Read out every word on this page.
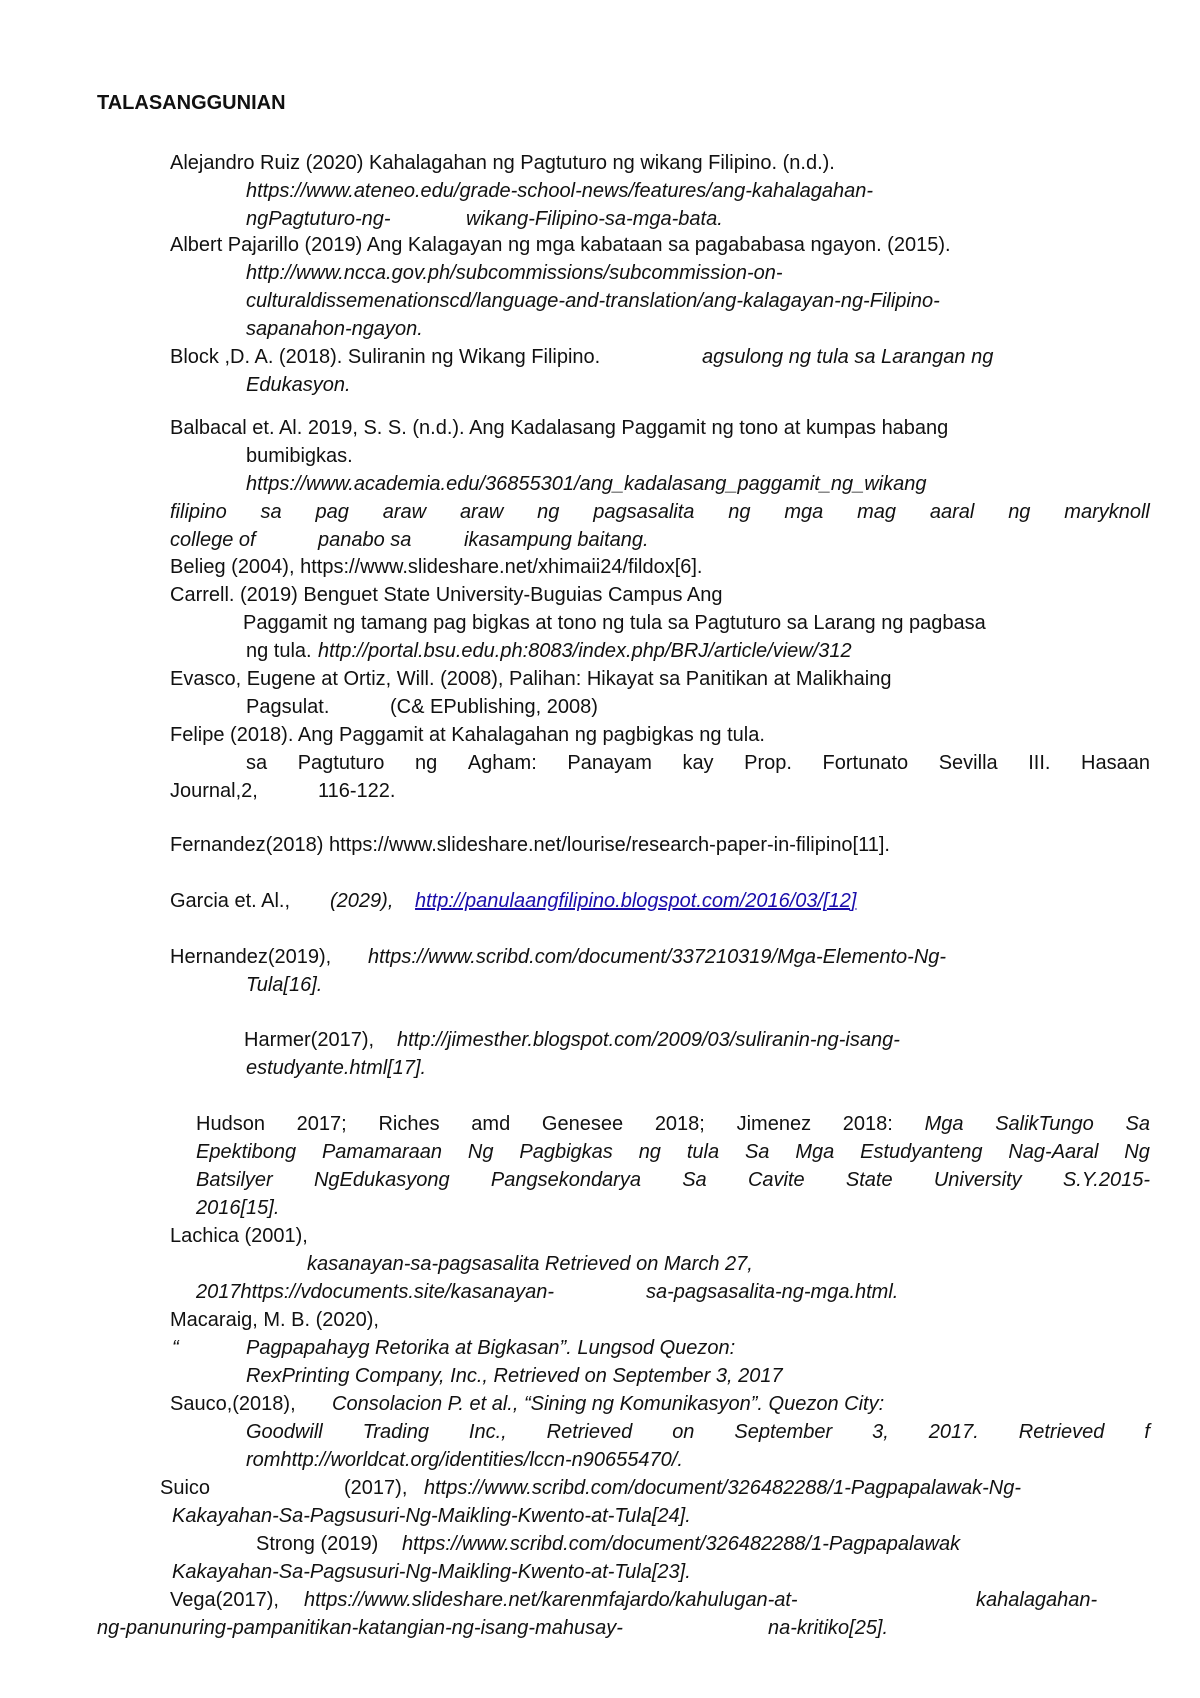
TALASANGGUNIAN
Alejandro Ruiz (2020) Kahalagahan ng Pagtuturo ng wikang Filipino. (n.d.).
https://www.ateneo.edu/grade-school-news/features/ang-kahalagahan-
ngPagtuturo-ng-	wikang-Filipino-sa-mga-bata.
Albert Pajarillo (2019) Ang Kalagayan ng mga kabataan sa pagababasa ngayon. (2015).
http://www.ncca.gov.ph/subcommissions/subcommission-on-
culturaldissemenationscd/language-and-translation/ang-kalagayan-ng-Filipino-
sapanahon-ngayon.
Block ,D. A. (2018). Suliranin ng Wikang Filipino.	agsulong ng tula sa Larangan ng
Edukasyon.
Balbacal et. Al. 2019, S. S. (n.d.). Ang Kadalasang Paggamit ng tono at kumpas habang
bumibigkas.
https://www.academia.edu/36855301/ang_kadalasang_paggamit_ng_wikang
filipino sa pag araw araw ng pagsasalita ng mga mag aaral ng maryknoll
college of	panabo sa	ikasampung baitang.
Belieg (2004), https://www.slideshare.net/xhimaii24/fildox[6].
Carrell. (2019) Benguet State University-Buguias Campus Ang
Paggamit ng tamang pag bigkas at tono ng tula sa Pagtuturo sa Larang ng pagbasa
ng tula. http://portal.bsu.edu.ph:8083/index.php/BRJ/article/view/312
Evasco, Eugene at Ortiz, Will. (2008), Palihan: Hikayat sa Panitikan at Malikhaing
Pagsulat.	(C& EPublishing, 2008)
Felipe (2018). Ang Paggamit at Kahalagahan ng pagbigkas ng tula.
sa Pagtuturo ng Agham: Panayam kay Prop. Fortunato Sevilla III. Hasaan
Journal,2,	116-122.
Fernandez(2018) https://www.slideshare.net/lourise/research-paper-in-filipino[11].
Garcia et. Al., (2029), http://panulaangfilipino.blogspot.com/2016/03/[12]
Hernandez(2019), https://www.scribd.com/document/337210319/Mga-Elemento-Ng-
Tula[16].
Harmer(2017), http://jimesther.blogspot.com/2009/03/suliranin-ng-isang-
estudyante.html[17].
Hudson 2017; Riches amd Genesee 2018; Jimenez 2018: Mga SalikTungo Sa
Epektibong Pamamaraan Ng Pagbigkas ng tula Sa Mga Estudyanteng Nag-Aaral Ng
Batsilyer NgEdukasyong Pangsekondarya Sa Cavite State University S.Y.2015-
2016[15].
Lachica (2001),
kasanayan-sa-pagsasalita Retrieved on March 27,
2017https://vdocuments.site/kasanayan-	sa-pagsasalita-ng-mga.html.
Macaraig, M. B. (2020),
“	Pagpapahayg Retorika at Bigkasan”. Lungsod Quezon:
RexPrinting Company, Inc., Retrieved on September 3, 2017
Sauco,(2018), Consolacion P. et al., “Sining ng Komunikasyon”. Quezon City:
Goodwill Trading Inc., Retrieved on September 3, 2017. Retrieved f
romhttp://worldcat.org/identities/lccn-n90655470/.
Suico	(2017), https://www.scribd.com/document/326482288/1-Pagpapalawak-Ng-
Kakayahan-Sa-Pagsusuri-Ng-Maikling-Kwento-at-Tula[24].
Strong (2019) https://www.scribd.com/document/326482288/1-Pagpapalawak
Kakayahan-Sa-Pagsusuri-Ng-Maikling-Kwento-at-Tula[23].
Vega(2017), https://www.slideshare.net/karenmfajardo/kahulugan-at-	kahalagahan-
ng-panunuring-pampanitikan-katangian-ng-isang-mahusay-	na-kritiko[25].
